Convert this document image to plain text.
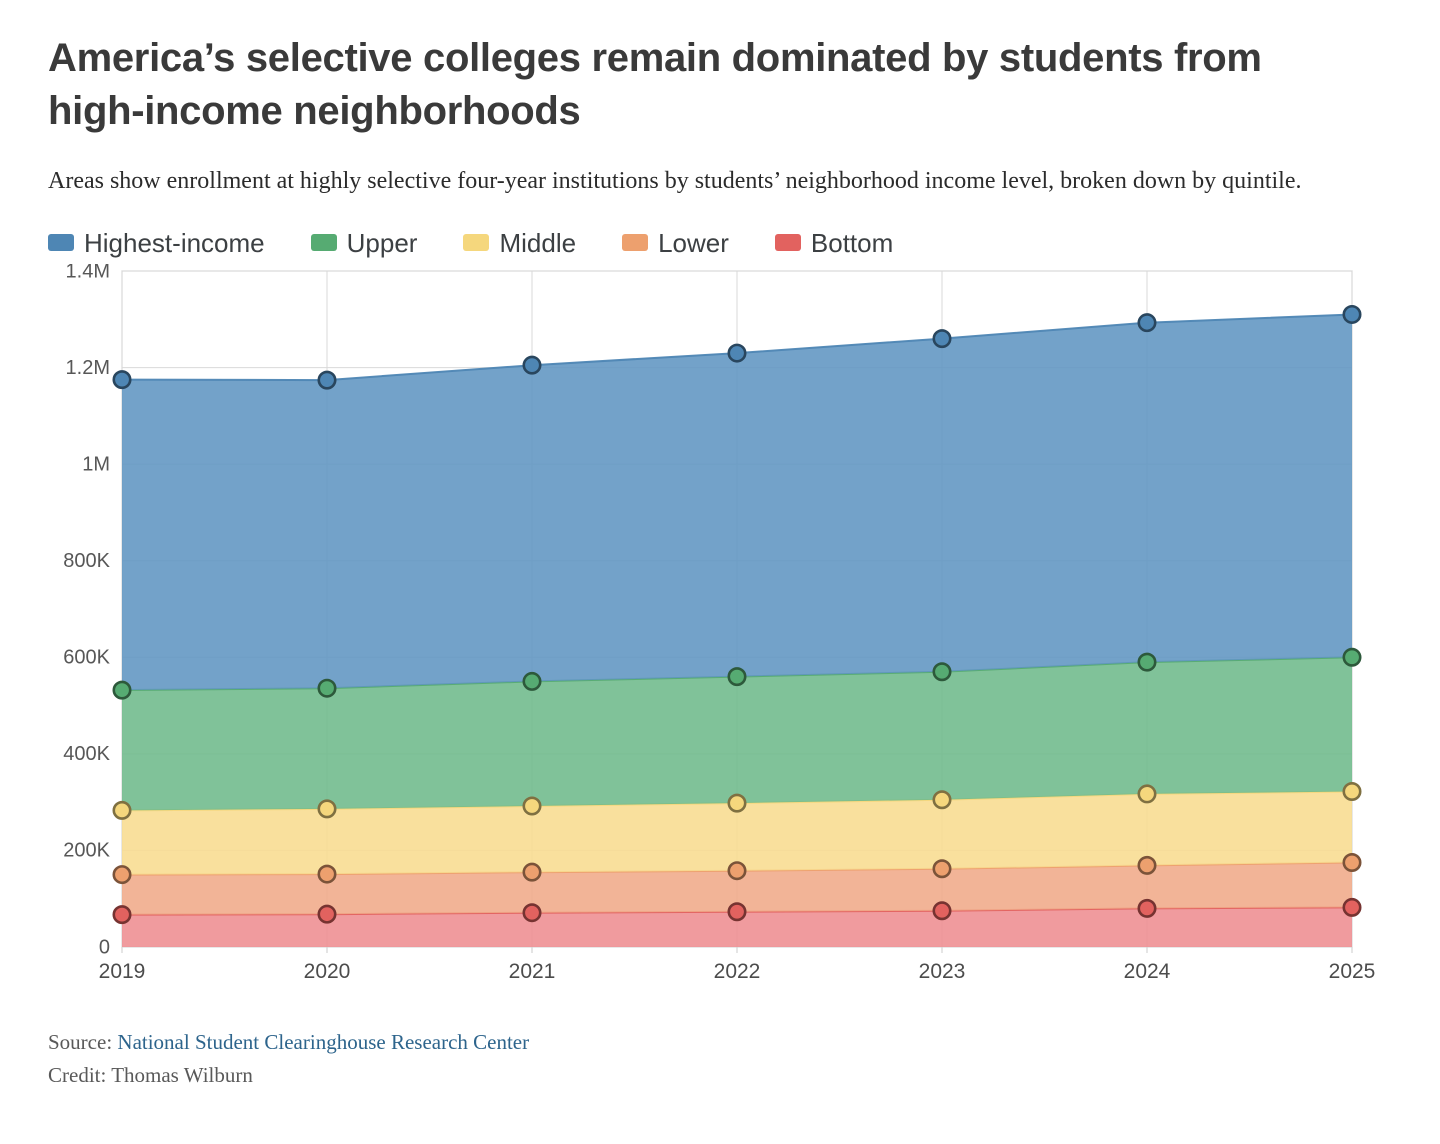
America’s selective colleges remain dominated by students from high-income neighborhoods

Areas show enrollment at highly selective four-year institutions by students’ neighborhood income level, broken down by quintile.

Highest-income	Upper	Middle	Lower	Bottom
0
200K
400K
600K
800K
1M
1.2M
1.4M
2019	2020	2021	2022	2023	2024	2025
Source: National Student Clearinghouse Research Center
Credit: Thomas Wilburn
